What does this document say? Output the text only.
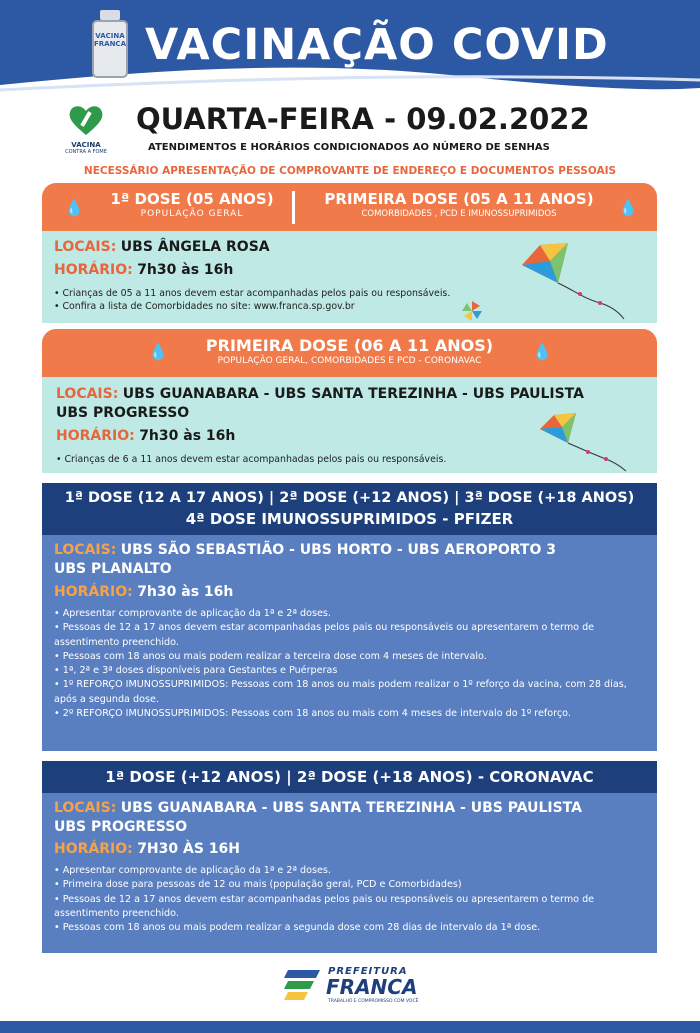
VACINA
FRANCA VACINAÇÃO COVID
VACINA
CONTRA A FOME
QUARTA-FEIRA - 09.02.2022
ATENDIMENTOS E HORÁRIOS CONDICIONADOS AO NÚMERO DE SENHAS
NECESSÁRIO APRESENTAÇÃO DE COMPROVANTE DE ENDEREÇO E DOCUMENTOS PESSOAIS
💧	1ª DOSE (05 ANOS)
POPULAÇÃO GERAL
PRIMEIRA DOSE (05 A 11 ANOS)
COMORBIDADES , PCD E IMUNOSSUPRIMIDOS	💧
LOCAIS: UBS ÂNGELA ROSA
HORÁRIO: 7h30 às 16h
• Crianças de 05 a 11 anos devem estar acompanhadas pelos pais ou responsáveis.
• Confira a lista de Comorbidades no site: www.franca.sp.gov.br
💧	PRIMEIRA DOSE (06 A 11 ANOS)
POPULAÇÃO GERAL, COMORBIDADES E PCD - CORONAVAC	💧
LOCAIS: UBS GUANABARA - UBS SANTA TEREZINHA - UBS PAULISTA
UBS PROGRESSO
HORÁRIO: 7h30 às 16h
• Crianças de 6 a 11 anos devem estar acompanhadas pelos pais ou responsáveis.
1ª DOSE (12 A 17 ANOS) | 2ª DOSE (+12 ANOS) | 3ª DOSE (+18 ANOS)
4ª DOSE IMUNOSSUPRIMIDOS - PFIZER
LOCAIS: UBS SÃO SEBASTIÃO - UBS HORTO - UBS AEROPORTO 3
UBS PLANALTO
HORÁRIO: 7h30 às 16h
• Apresentar comprovante de aplicação da 1ª e 2ª doses.
• Pessoas de 12 a 17 anos devem estar acompanhadas pelos pais ou responsáveis ou apresentarem o termo de assentimento preenchido.
• Pessoas com 18 anos ou mais podem realizar a terceira dose com 4 meses de intervalo.
• 1ª, 2ª e 3ª doses disponíveis para Gestantes e Puérperas
• 1º REFORÇO IMUNOSSUPRIMIDOS: Pessoas com 18 anos ou mais podem realizar o 1º reforço da vacina, com 28 dias, após a segunda dose.
• 2º REFORÇO IMUNOSSUPRIMIDOS: Pessoas com 18 anos ou mais com 4 meses de intervalo do 1º reforço.
1ª DOSE (+12 ANOS) | 2ª DOSE (+18 ANOS) - CORONAVAC
LOCAIS: UBS GUANABARA - UBS SANTA TEREZINHA - UBS PAULISTA
UBS PROGRESSO
HORÁRIO: 7H30 ÀS 16H
• Apresentar comprovante de aplicação da 1ª e 2ª doses.
• Primeira dose para pessoas de 12 ou mais (população geral, PCD e Comorbidades)
• Pessoas de 12 a 17 anos devem estar acompanhadas pelos pais ou responsáveis ou apresentarem o termo de assentimento preenchido.
• Pessoas com 18 anos ou mais podem realizar a segunda dose com 28 dias de intervalo da 1ª dose.
PREFEITURA
FRANCA
TRABALHO E COMPROMISSO COM VOCÊ
